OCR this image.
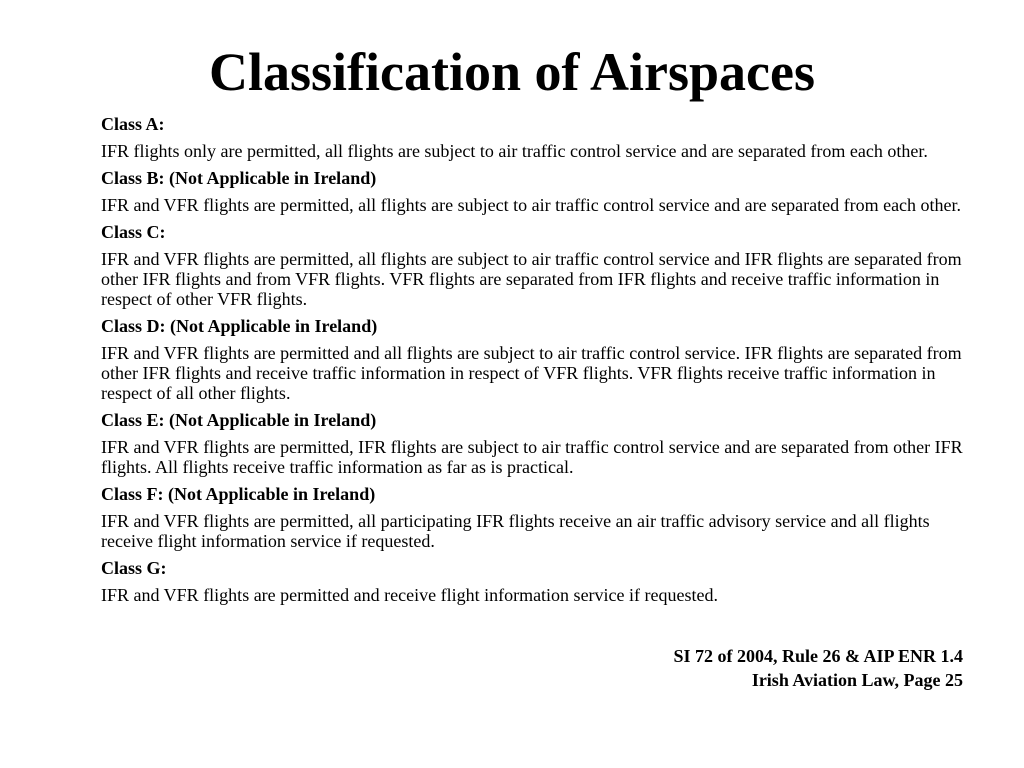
Classification of Airspaces
Class A:
IFR flights only are permitted, all flights are subject to air traffic control service and are separated from each other.
Class B: (Not Applicable in Ireland)
IFR and VFR flights are permitted, all flights are subject to air traffic control service and are separated from each other.
Class C:
IFR and VFR flights are permitted, all flights are subject to air traffic control service and IFR flights are separated from other IFR flights and from VFR flights. VFR flights are separated from IFR flights and receive traffic information in respect of other VFR flights.
Class D: (Not Applicable in Ireland)
IFR and VFR flights are permitted and all flights are subject to air traffic control service. IFR flights are separated from other IFR flights and receive traffic information in respect of VFR flights. VFR flights receive traffic information in respect of all other flights.
Class E: (Not Applicable in Ireland)
IFR and VFR flights are permitted, IFR flights are subject to air traffic control service and are separated from other IFR flights. All flights receive traffic information as far as is practical.
Class F: (Not Applicable in Ireland)
IFR and VFR flights are permitted, all participating IFR flights receive an air traffic advisory service and all flights receive flight information service if requested.
Class G:
IFR and VFR flights are permitted and receive flight information service if requested.
SI 72 of 2004, Rule 26 & AIP ENR 1.4
Irish Aviation Law, Page 25
